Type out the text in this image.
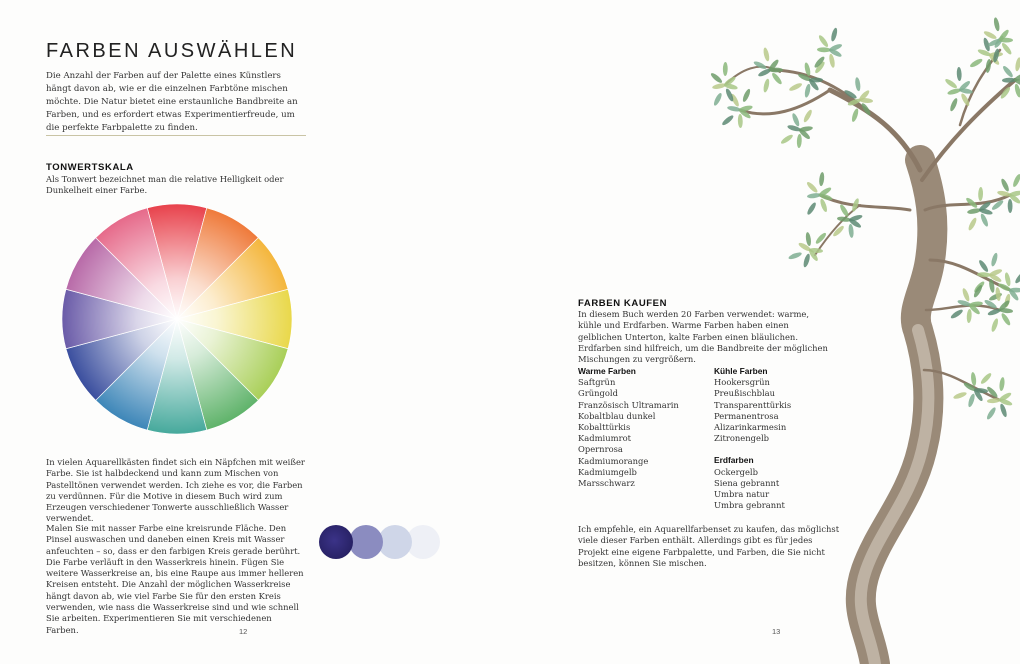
FARBEN AUSWÄHLEN
Die Anzahl der Farben auf der Palette eines Künstlers hängt davon ab, wie er die einzelnen Farbtöne mischen möchte. Die Natur bietet eine erstaunliche Bandbreite an Farben, und es erfordert etwas Experimentierfreude, um die perfekte Farbpalette zu finden.
TONWERTSKALA
Als Tonwert bezeichnet man die relative Helligkeit oder Dunkelheit einer Farbe.
In vielen Aquarellkästen findet sich ein Näpfchen mit weißer Farbe. Sie ist halbdeckend und kann zum Mischen von Pastelltönen verwendet werden. Ich ziehe es vor, die Farben zu verdünnen. Für die Motive in diesem Buch wird zum Erzeugen verschiedener Tonwerte ausschließlich Wasser verwendet.
Malen Sie mit nasser Farbe eine kreisrunde Fläche. Den Pinsel auswaschen und daneben einen Kreis mit Wasser anfeuchten – so, dass er den farbigen Kreis gerade berührt. Die Farbe verläuft in den Wasserkreis hinein. Fügen Sie weitere Wasserkreise an, bis eine Raupe aus immer helleren Kreisen entsteht. Die Anzahl der möglichen Wasserkreise hängt davon ab, wie viel Farbe Sie für den ersten Kreis verwenden, wie nass die Wasserkreise sind und wie schnell Sie arbeiten. Experimentieren Sie mit verschiedenen Farben.	12
FARBEN KAUFEN
In diesem Buch werden 20 Farben verwendet: warme, kühle und Erdfarben. Warme Farben haben einen gelblichen Unterton, kalte Farben einen bläulichen. Erdfarben sind hilfreich, um die Bandbreite der möglichen Mischungen zu vergrößern.
Warme Farben
Saftgrün
Grüngold
Französisch Ultramarin
Kobaltblau dunkel
Kobalttürkis
Kadmiumrot
Opernrosa
Kadmiumorange
Kadmiumgelb
Marsschwarz
Kühle Farben
Hookersgrün
Preußischblau
Transparenttürkis
Permanentrosa
Alizarinkarmesin
Zitronengelb
Erdfarben
Ockergelb
Siena gebrannt
Umbra natur
Umbra gebrannt
Ich empfehle, ein Aquarellfarbenset zu kaufen, das möglichst viele dieser Farben enthält. Allerdings gibt es für jedes Projekt eine eigene Farbpalette, und Farben, die Sie nicht besitzen, können Sie mischen.
13
